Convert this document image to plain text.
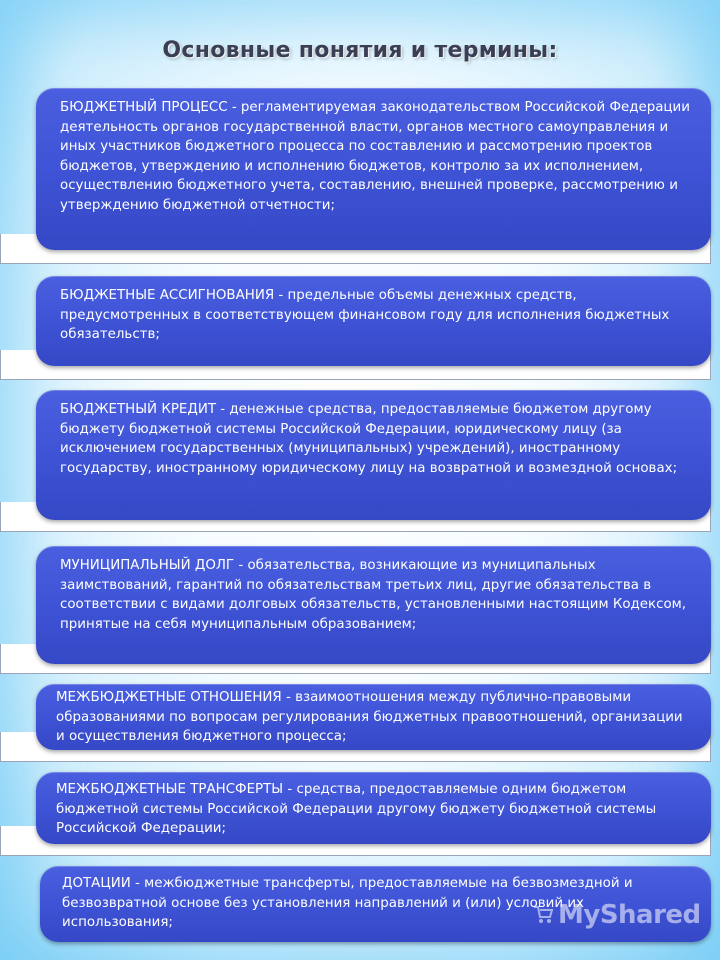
Основные понятия и термины:
БЮДЖЕТНЫЙ ПРОЦЕСС - регламентируемая законодательством Российской Федерации деятельность органов государственной власти, органов местного самоуправления и иных участников бюджетного процесса по составлению и рассмотрению проектов бюджетов, утверждению и исполнению бюджетов, контролю за их исполнением, осуществлению бюджетного учета, составлению, внешней проверке, рассмотрению и утверждению бюджетной отчетности;
БЮДЖЕТНЫЕ АССИГНОВАНИЯ - предельные объемы денежных средств, предусмотренных в соответствующем финансовом году для исполнения бюджетных обязательств;
БЮДЖЕТНЫЙ КРЕДИТ - денежные средства, предоставляемые бюджетом другому бюджету бюджетной системы Российской Федерации, юридическому лицу (за исключением государственных (муниципальных) учреждений), иностранному государству, иностранному юридическому лицу на возвратной и возмездной основах;
МУНИЦИПАЛЬНЫЙ ДОЛГ - обязательства, возникающие из муниципальных заимствований, гарантий по обязательствам третьих лиц, другие обязательства в соответствии с видами долговых обязательств, установленными настоящим Кодексом, принятые на себя муниципальным образованием;
МЕЖБЮДЖЕТНЫЕ ОТНОШЕНИЯ - взаимоотношения между публично-правовыми образованиями по вопросам регулирования бюджетных правоотношений, организации и осуществления бюджетного процесса;
МЕЖБЮДЖЕТНЫЕ ТРАНСФЕРТЫ - средства, предоставляемые одним бюджетом бюджетной системы Российской Федерации другому бюджету бюджетной системы Российской Федерации;
ДОТАЦИИ - межбюджетные трансферты, предоставляемые на безвозмездной и безвозвратной основе без установления направлений и (или) условий их использования;	MyShared
